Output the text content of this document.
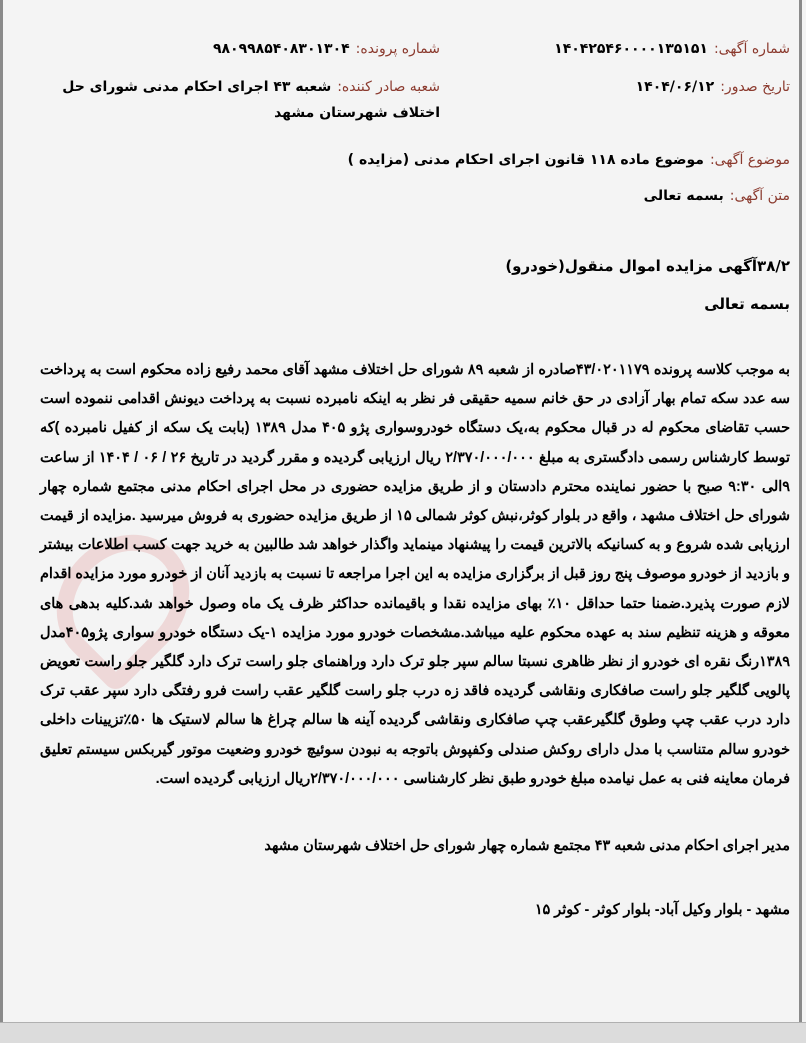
شماره آگهی:۱۴۰۴۲۵۴۶۰۰۰۰۱۳۵۱۵۱
شماره پرونده:۹۸۰۹۹۸۵۴۰۸۳۰۱۳۰۴
تاریخ صدور:۱۴۰۴/۰۶/۱۲
شعبه صادر کننده:شعبه ۴۳ اجرای احکام مدنی شورای حل اختلاف شهرستان مشهد
موضوع آگهی:موضوع ماده ۱۱۸ قانون اجرای احکام مدنی (مزایده )
متن آگهی:بسمه تعالی
۳۸/۲آگهی مزایده اموال منقول(خودرو)
بسمه تعالی
به موجب کلاسه پرونده ۴۳/۰۲۰۱۱۷۹صادره از شعبه ۸۹ شورای حل اختلاف مشهد آقای محمد رفیع زاده محکوم است به پرداخت سه عدد سکه تمام بهار آزادی در حق خانم سمیه حقیقی فر نظر به اینکه نامبرده نسبت به پرداخت دیونش اقدامی ننموده است حسب تقاضای محکوم له در قبال محکوم به،یک دستگاه خودروسواری پژو ۴۰۵ مدل ۱۳۸۹ (بابت یک سکه از کفیل نامبرده )که توسط کارشناس رسمی دادگستری به مبلغ ۲/۳۷۰/۰۰۰/۰۰۰ ریال ارزیابی گردیده و مقرر گردید در تاریخ ۲۶ / ۰۶ / ۱۴۰۴ از ساعت ۹الی ۹:۳۰ صبح با حضور نماینده محترم دادستان و از طریق مزایده حضوری در محل اجرای احکام مدنی مجتمع شماره چهار شورای حل اختلاف مشهد ، واقع در بلوار کوثر،نبش کوثر شمالی ۱۵ از طریق مزایده حضوری به فروش میرسید .مزایده از قیمت ارزیابی شده شروع و به کسانیکه بالاترین قیمت را پیشنهاد مینماید واگذار خواهد شد طالبین به خرید جهت کسب اطلاعات بیشتر و بازدید از خودرو موصوف پنج روز قبل از برگزاری مزایده به این اجرا مراجعه تا نسبت به بازدید آنان از خودرو مورد مزایده اقدام لازم صورت پذیرد.ضمنا حتما حداقل ۱۰٪ بهای مزایده نقدا و باقیمانده حداکثر ظرف یک ماه وصول خواهد شد.کلیه بدهی های معوقه و هزینه تنظیم سند به عهده محکوم علیه میباشد.مشخصات خودرو مورد مزایده ۱-یک دستگاه خودرو سواری پژو۴۰۵مدل ۱۳۸۹رنگ نقره ای خودرو از نظر ظاهری نسبتا سالم سپر جلو ترک دارد وراهنمای جلو راست ترک دارد گلگیر جلو راست تعویض پالویی گلگیر جلو راست صافکاری ونقاشی گردیده فاقد زه درب جلو راست گلگیر عقب راست فرو رفتگی دارد سپر عقب ترک دارد درب عقب چپ وطوق گلگیرعقب چپ صافکاری ونقاشی گردیده آینه ها سالم چراغ ها سالم لاستیک ها ۵۰٪تزیینات داخلی خودرو سالم متناسب با مدل دارای روکش صندلی وکفپوش باتوجه به نبودن سوئیچ خودرو وضعیت موتور گیربکس سیستم تعلیق فرمان معاینه فنی به عمل نیامده مبلغ خودرو طبق نظر کارشناسی ۲/۳۷۰/۰۰۰/۰۰۰ریال ارزیابی گردیده است.
مدیر اجرای احکام مدنی شعبه ۴۳ مجتمع شماره چهار شورای حل اختلاف شهرستان مشهد
مشهد - بلوار وکیل آباد- بلوار کوثر - کوثر ۱۵
